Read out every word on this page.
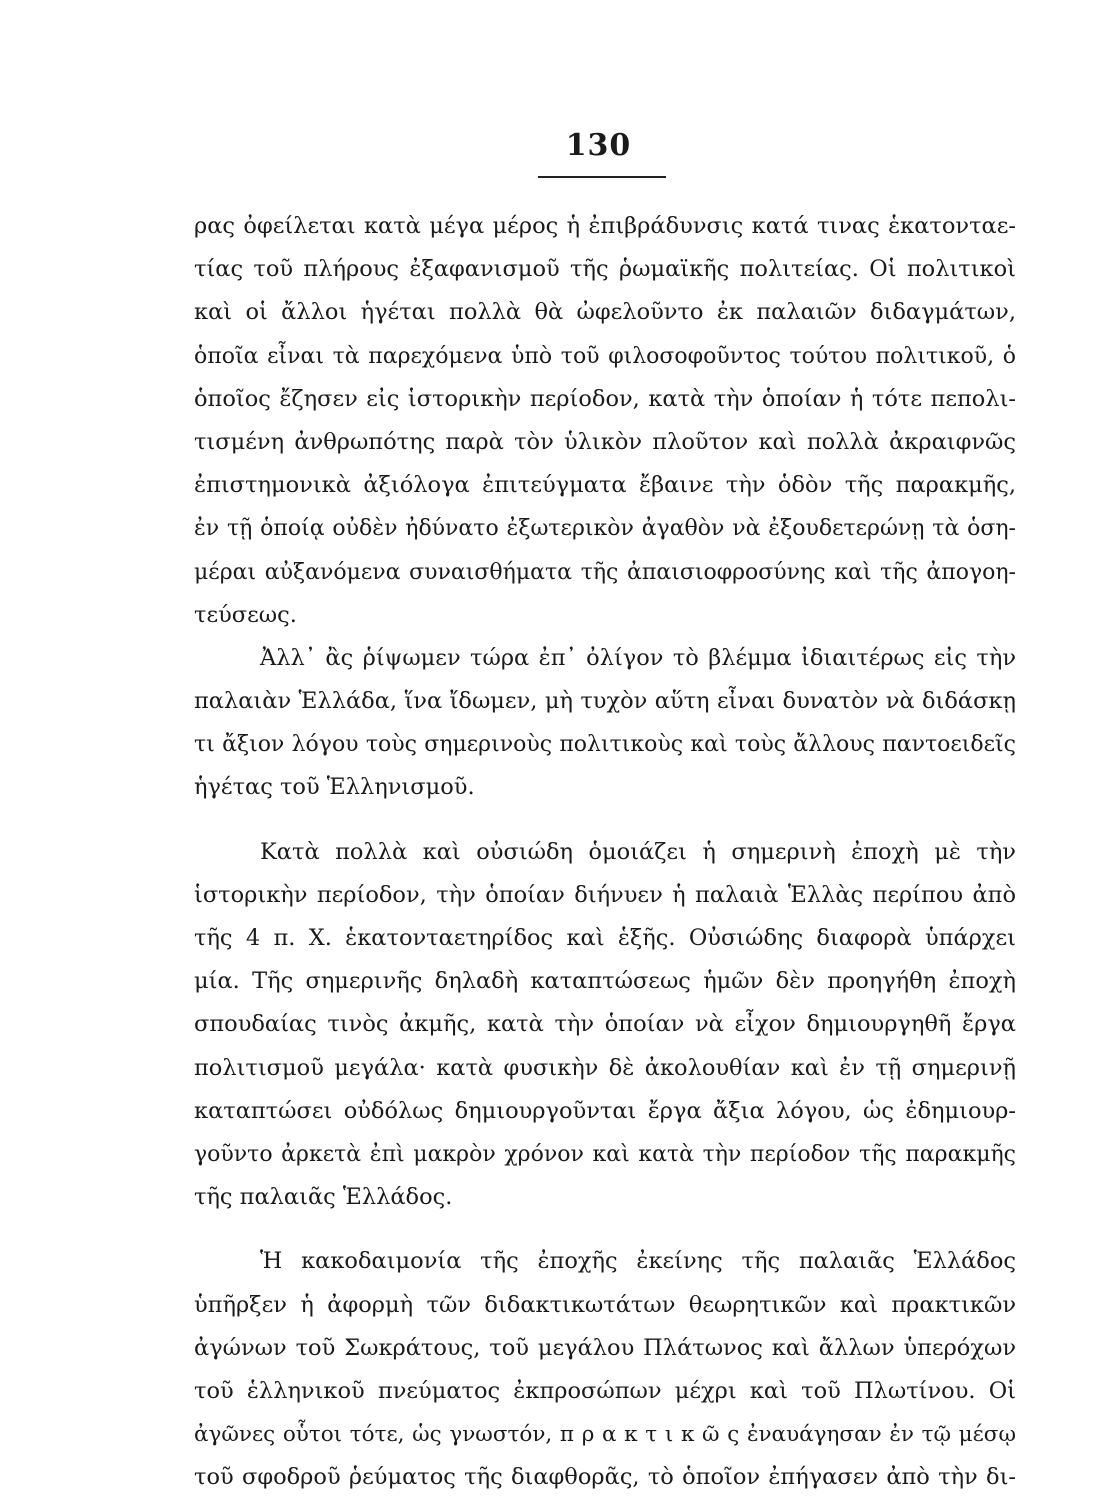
130
ρας ὀφείλεται κατὰ μέγα μέρος ἡ ἐπιβράδυνσις κατά τινας ἑκατονταε-
τίας τοῦ πλήρους ἐξαφανισμοῦ τῆς ῥωμαϊκῆς πολιτείας. Οἱ πολιτικοὶ
καὶ οἱ ἄλλοι ἡγέται πολλὰ θὰ ὠφελοῦντο ἐκ παλαιῶν διδαγμάτων,
ὁποῖα εἶναι τὰ παρεχόμενα ὑπὸ τοῦ φιλοσοφοῦντος τούτου πολιτικοῦ, ὁ
ὁποῖος ἔζησεν εἰς ἱστορικὴν περίοδον, κατὰ τὴν ὁποίαν ἡ τότε πεπολι-
τισμένη ἀνθρωπότης παρὰ τὸν ὑλικὸν πλοῦτον καὶ πολλὰ ἀκραιφνῶς
ἐπιστημονικὰ ἀξιόλογα ἐπιτεύγματα ἔβαινε τὴν ὁδὸν τῆς παρακμῆς,
ἐν τῇ ὁποίᾳ οὐδὲν ἠδύνατο ἐξωτερικὸν ἀγαθὸν νὰ ἐξουδετερώνῃ τὰ ὁση-
μέραι αὐξανόμενα συναισθήματα τῆς ἀπαισιοφροσύνης καὶ τῆς ἀπογοη-
τεύσεως.
Ἀλλ᾽ ἂς ῥίψωμεν τώρα ἐπ᾽ ὀλίγον τὸ βλέμμα ἰδιαιτέρως εἰς τὴν
παλαιὰν Ἑλλάδα, ἵνα ἴδωμεν, μὴ τυχὸν αὕτη εἶναι δυνατὸν νὰ διδάσκῃ
τι ἄξιον λόγου τοὺς σημερινοὺς πολιτικοὺς καὶ τοὺς ἄλλους παντοειδεῖς
ἡγέτας τοῦ Ἑλληνισμοῦ.
Κατὰ πολλὰ καὶ οὐσιώδη ὁμοιάζει ἡ σημερινὴ ἐποχὴ μὲ τὴν
ἱστορικὴν περίοδον, τὴν ὁποίαν διήνυεν ἡ παλαιὰ Ἑλλὰς περίπου ἀπὸ
τῆς 4 π. Χ. ἑκατονταετηρίδος καὶ ἑξῆς. Οὐσιώδης διαφορὰ ὑπάρχει
μία. Τῆς σημερινῆς δηλαδὴ καταπτώσεως ἡμῶν δὲν προηγήθη ἐποχὴ
σπουδαίας τινὸς ἀκμῆς, κατὰ τὴν ὁποίαν νὰ εἶχον δημιουργηθῆ ἔργα
πολιτισμοῦ μεγάλα· κατὰ φυσικὴν δὲ ἀκολουθίαν καὶ ἐν τῇ σημερινῇ
καταπτώσει οὐδόλως δημιουργοῦνται ἔργα ἄξια λόγου, ὡς ἐδημιουρ-
γοῦντο ἀρκετὰ ἐπὶ μακρὸν χρόνον καὶ κατὰ τὴν περίοδον τῆς παρακμῆς
τῆς παλαιᾶς Ἑλλάδος.
Ἡ κακοδαιμονία τῆς ἐποχῆς ἐκείνης τῆς παλαιᾶς Ἑλλάδος
ὑπῆρξεν ἡ ἀφορμὴ τῶν διδακτικωτάτων θεωρητικῶν καὶ πρακτικῶν
ἀγώνων τοῦ Σωκράτους, τοῦ μεγάλου Πλάτωνος καὶ ἄλλων ὑπερόχων
τοῦ ἑλληνικοῦ πνεύματος ἐκπροσώπων μέχρι καὶ τοῦ Πλωτίνου. Οἱ
ἀγῶνες οὗτοι τότε, ὡς γνωστόν, π ρ α κ τ ι κ ῶ ς ἐναυάγησαν ἐν τῷ μέσῳ
τοῦ σφοδροῦ ῥεύματος τῆς διαφθορᾶς, τὸ ὁποῖον ἐπήγασεν ἀπὸ τὴν δι-
